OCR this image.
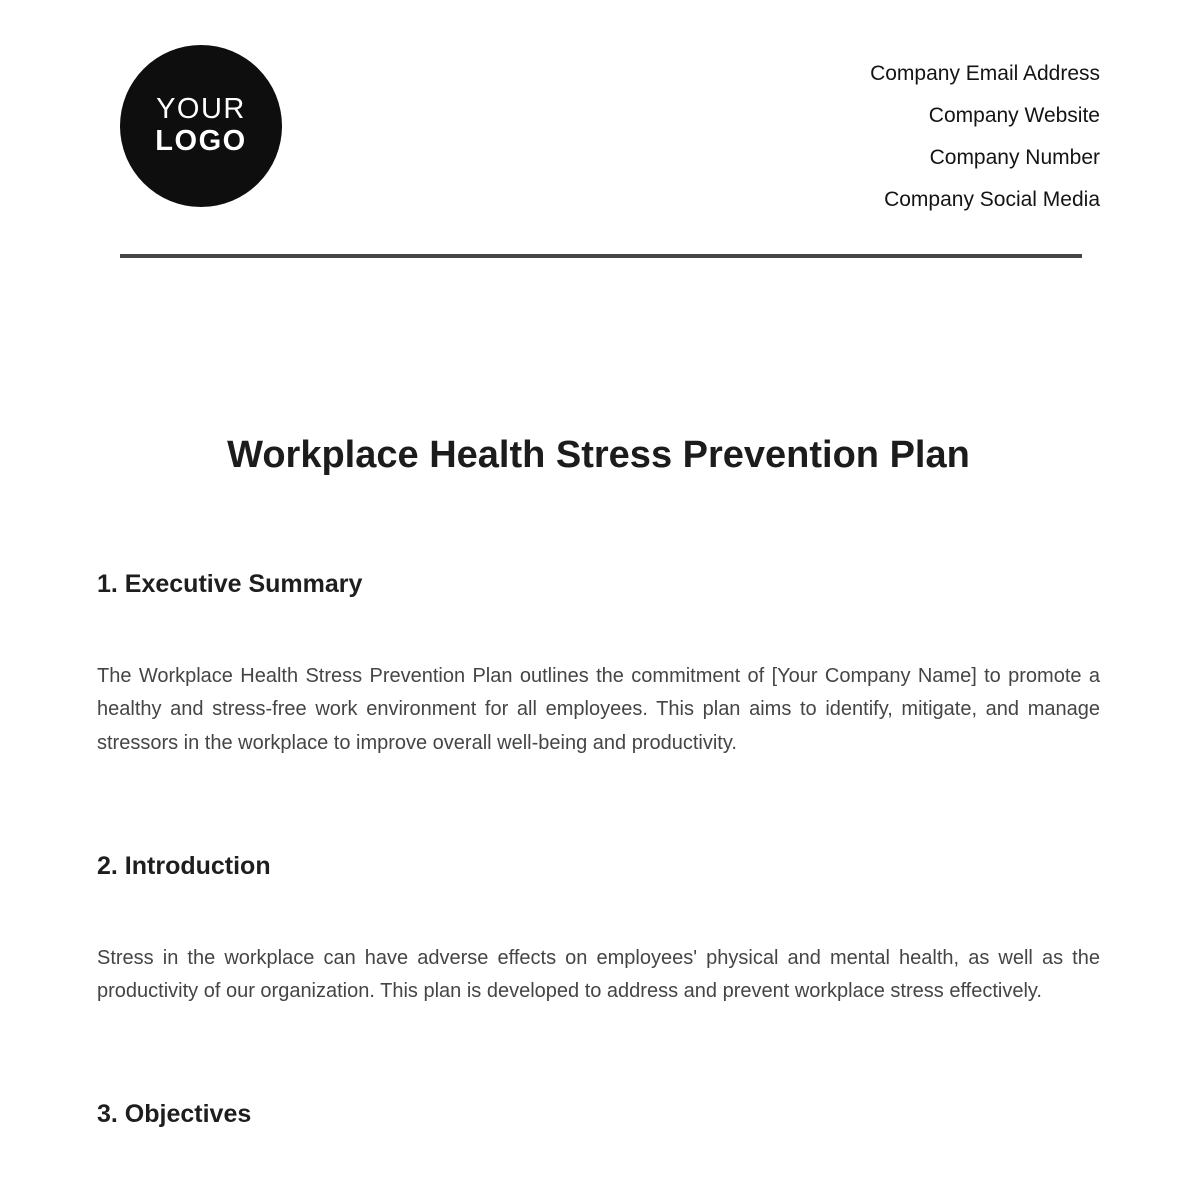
YOUR
LOGO
Company Email Address
Company Website
Company Number
Company Social Media
Workplace Health Stress Prevention Plan
1. Executive Summary

The Workplace Health Stress Prevention Plan outlines the commitment of [Your Company Name] to promote a healthy and stress-free work environment for all employees. This plan aims to identify, mitigate, and manage stressors in the workplace to improve overall well-being and productivity.

2. Introduction

Stress in the workplace can have adverse effects on employees' physical and mental health, as well as the productivity of our organization. This plan is developed to address and prevent workplace stress effectively.

3. Objectives
